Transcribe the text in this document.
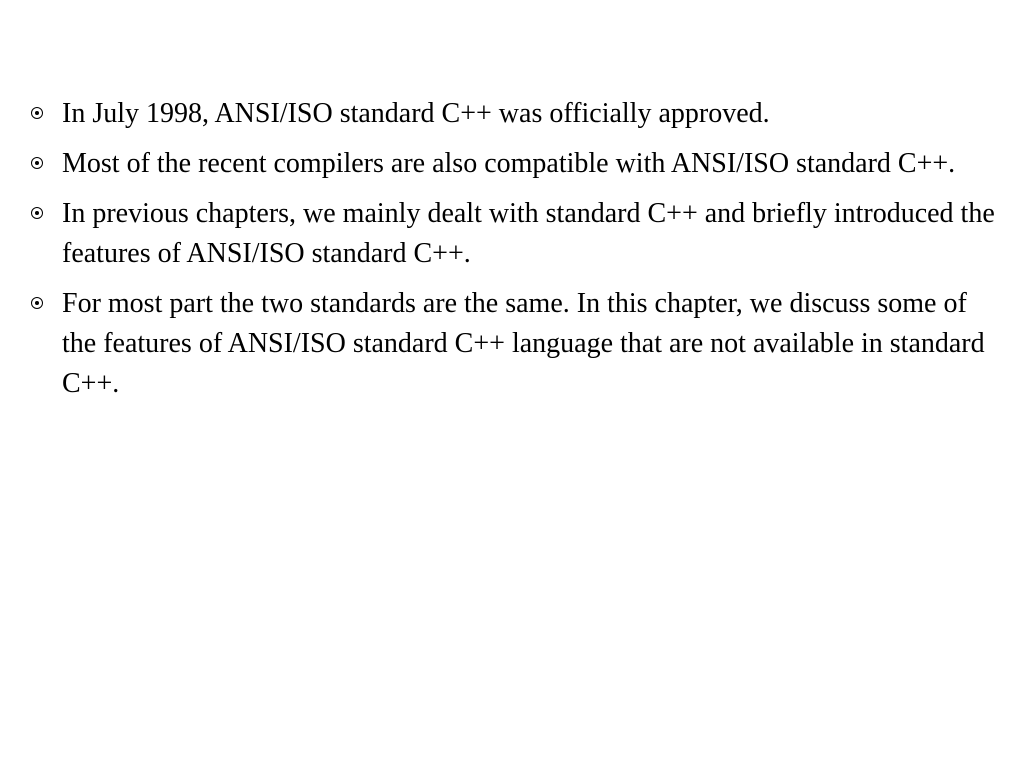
In July 1998, ANSI/ISO standard C++ was officially approved.
Most of the recent compilers are also compatible with ANSI/ISO standard C++.
In previous chapters, we mainly dealt with standard C++ and briefly introduced the features of ANSI/ISO standard C++.
For most part the two standards are the same. In this chapter, we discuss some of the features of ANSI/ISO standard C++ language that are not available in standard C++.
